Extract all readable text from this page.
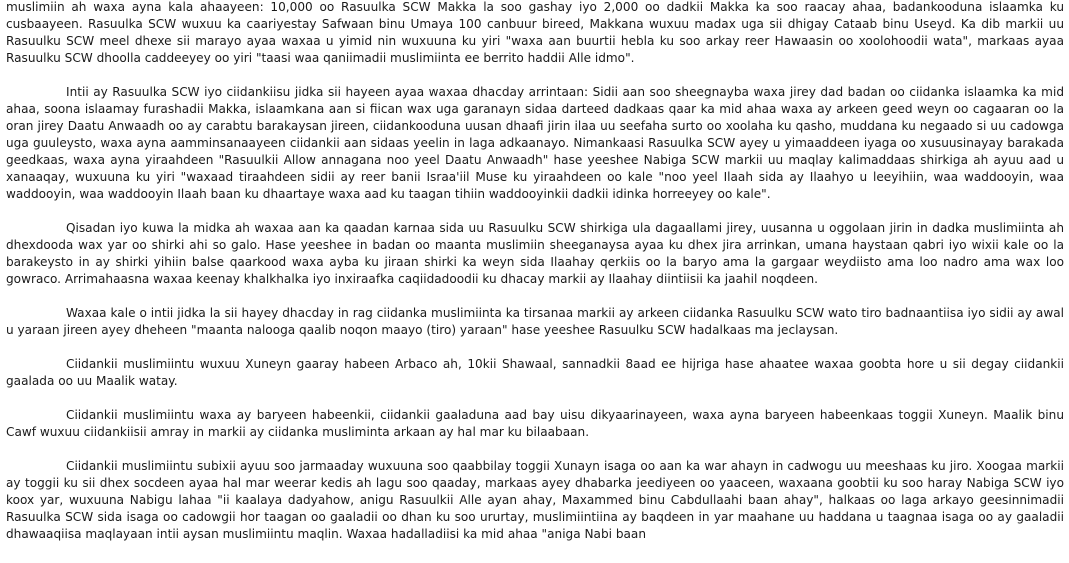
muslimiin ah waxa ayna kala ahaayeen: 10,000 oo Rasuulka SCW Makka la soo gashay iyo 2,000 oo dadkii Makka ka soo raacay ahaa, badankooduna islaamka ku cusbaayeen. Rasuulka SCW wuxuu ka caariyestay Safwaan binu Umaya 100 canbuur bireed, Makkana wuxuu madax uga sii dhigay Cataab binu Useyd. Ka dib markii uu Rasuulku SCW meel dhexe sii marayo ayaa waxaa u yimid nin wuxuuna ku yiri "waxa aan buurtii hebla ku soo arkay reer Hawaasin oo xoolohoodii wata", markaas ayaa Rasuulku SCW dhoolla caddeeyey oo yiri "taasi waa qaniimadii muslimiinta ee berrito haddii Alle idmo".

Intii ay Rasuulka SCW iyo ciidankiisu jidka sii hayeen ayaa waxaa dhacday arrintaan: Sidii aan soo sheegnayba waxa jirey dad badan oo ciidanka islaamka ka mid ahaa, soona islaamay furashadii Makka, islaamkana aan si fiican wax uga garanayn sidaa darteed dadkaas qaar ka mid ahaa waxa ay arkeen geed weyn oo cagaaran oo la oran jirey Daatu Anwaadh oo ay carabtu barakaysan jireen, ciidankooduna uusan dhaafi jirin ilaa uu seefaha surto oo xoolaha ku qasho, muddana ku negaado si uu cadowga uga guuleysto, waxa ayna aamminsanaayeen ciidankii aan sidaas yeelin in laga adkaanayo. Nimankaasi Rasuulka SCW ayey u yimaaddeen iyaga oo xusuusinayay barakada geedkaas, waxa ayna yiraahdeen "Rasuulkii Allow annagana noo yeel Daatu Anwaadh" hase yeeshee Nabiga SCW markii uu maqlay kalimaddaas shirkiga ah ayuu aad u xanaaqay, wuxuuna ku yiri "waxaad tiraahdeen sidii ay reer banii Israa'iil Muse ku yiraahdeen oo kale "noo yeel Ilaah sida ay Ilaahyo u leeyihiin, waa waddooyin, waa waddooyin, waa waddooyin Ilaah baan ku dhaartaye waxa aad ku taagan tihiin waddooyinkii dadkii idinka horreeyey oo kale".

Qisadan iyo kuwa la midka ah waxaa aan ka qaadan karnaa sida uu Rasuulku SCW shirkiga ula dagaallami jirey, uusanna u oggolaan jirin in dadka muslimiinta ah dhexdooda wax yar oo shirki ahi so galo. Hase yeeshee in badan oo maanta muslimiin sheeganaysa ayaa ku dhex jira arrinkan, umana haystaan qabri iyo wixii kale oo la barakeysto in ay shirki yihiin balse qaarkood waxa ayba ku jiraan shirki ka weyn sida Ilaahay qerkiis oo la baryo ama la gargaar weydiisto ama loo nadro ama wax loo gowraco. Arrimahaasna waxaa keenay khalkhalka iyo inxiraafka caqiidadoodii ku dhacay markii ay Ilaahay diintiisii ka jaahil noqdeen.

Waxaa kale o intii jidka la sii hayey dhacday in rag ciidanka muslimiinta ka tirsanaa markii ay arkeen ciidanka Rasuulku SCW wato tiro badnaantiisa iyo sidii ay awal u yaraan jireen ayey dheheen "maanta nalooga qaalib noqon maayo (tiro) yaraan" hase yeeshee Rasuulku SCW hadalkaas ma jeclaysan.

Ciidankii muslimiintu wuxuu Xuneyn gaaray habeen Arbaco ah, 10kii Shawaal, sannadkii 8aad ee hijriga hase ahaatee waxaa goobta hore u sii degay ciidankii gaalada oo uu Maalik watay.

Ciidankii muslimiintu waxa ay baryeen habeenkii, ciidankii gaaladuna aad bay uisu dikyaarinayeen, waxa ayna baryeen habeenkaas toggii Xuneyn. Maalik binu Cawf wuxuu ciidankiisii amray in markii ay ciidanka musliminta arkaan ay hal mar ku bilaabaan.

Ciidankii muslimiintu subixii ayuu soo jarmaaday wuxuuna soo qaabbilay toggii Xunayn isaga oo aan ka war ahayn in cadwogu uu meeshaas ku jiro. Xoogaa markii ay toggii ku sii dhex socdeen ayaa hal mar weerar kedis ah lagu soo qaaday, markaas ayey dhabarka jeediyeen oo yaaceen, waxaana goobtii ku soo haray Nabiga SCW iyo koox yar, wuxuuna Nabigu lahaa "ii kaalaya dadyahow, anigu Rasuulkii Alle ayan ahay, Maxammed binu Cabdullaahi baan ahay", halkaas oo laga arkayo geesinnimadii Rasuulka SCW sida isaga oo cadowgii hor taagan oo gaaladii oo dhan ku soo ururtay, muslimiintiina ay baqdeen in yar maahane uu haddana u taagnaa isaga oo ay gaaladii dhawaaqiisa maqlayaan intii aysan muslimiintu maqlin. Waxaa hadalladiisi ka mid ahaa "aniga Nabi baan
